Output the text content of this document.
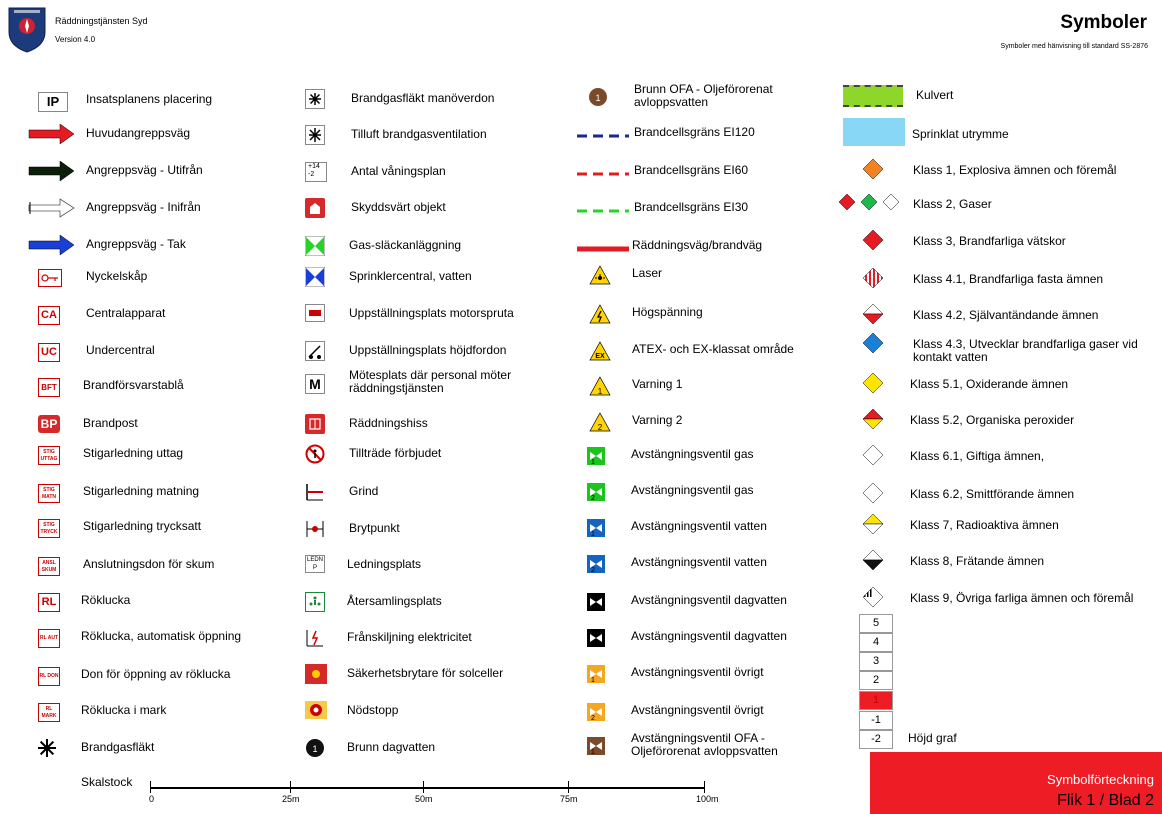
Räddningstjänsten Syd
Version 4.0
Symboler
Symboler med hänvisning till standard SS-2876
Insatsplanens placering
IP
Huvudangreppsväg
Angreppsväg - Utifrån
Angreppsväg - Inifrån
Angreppsväg - Tak
Nyckelskåp
Centralapparat
CA
Undercentral
UC
Brandförsvarstablå
BFT
Brandpost
BP
Stigarledning uttag
STIG UTTAG
Stigarledning matning
STIG MATN
Stigarledning trycksatt
STIG TRYCK
Anslutningsdon för skum
ANSL SKUM
Röklucka
RL
Röklucka, automatisk öppning
RL AUT
Don för öppning av röklucka
RL DON
Röklucka i mark
RL MARK
Brandgasfläkt
Brandgasfläkt manöverdon
Tilluft brandgasventilation
Antal våningsplan
+14
-2
Skyddsvärt objekt
Gas-släckanläggning
Sprinklercentral, vatten
Uppställningsplats motorspruta
Uppställningsplats höjdfordon
Mötesplats där personal möter räddningstjänsten
M
Räddningshiss
Tillträde förbjudet
Grind
Brytpunkt
Ledningsplats
LEDN
P
Återsamlingsplats
Frånskiljning elektricitet
Säkerhetsbrytare för solceller
Nödstopp
Brunn dagvatten
1
Brunn OFA - Oljeförorenat avloppsvatten
1
Brandcellsgräns EI120
Brandcellsgräns EI60
Brandcellsgräns EI30
Räddningsväg/brandväg
Laser
Högspänning
ATEX- och EX-klassat område
EX
Varning 1
1
Varning 2
2
Avstängningsventil gas
1
Avstängningsventil gas
2
Avstängningsventil vatten
1
Avstängningsventil vatten
2
Avstängningsventil dagvatten
1
Avstängningsventil dagvatten
2
Avstängningsventil övrigt
1
Avstängningsventil övrigt
2
Avstängningsventil OFA - Oljeförorenat avloppsvatten
1
Kulvert
Sprinklat utrymme
Klass 1, Explosiva ämnen och föremål
Klass 2, Gaser
Klass 3, Brandfarliga vätskor
Klass 4.1, Brandfarliga fasta ämnen
Klass 4.2, Självantändande ämnen
Klass 4.3, Utvecklar brandfarliga gaser vid kontakt vatten
Klass 5.1, Oxiderande ämnen
Klass 5.2, Organiska peroxider
Klass 6.1, Giftiga ämnen,
Klass 6.2, Smittförande ämnen
Klass 7, Radioaktiva ämnen
Klass 8, Frätande ämnen
Klass 9, Övriga farliga ämnen och föremål
5
4
3
2
1
-1
-2	Höjd graf
Skalstock
0	25m	50m	75m	100m
Symbolförteckning
Flik 1 / Blad 2
